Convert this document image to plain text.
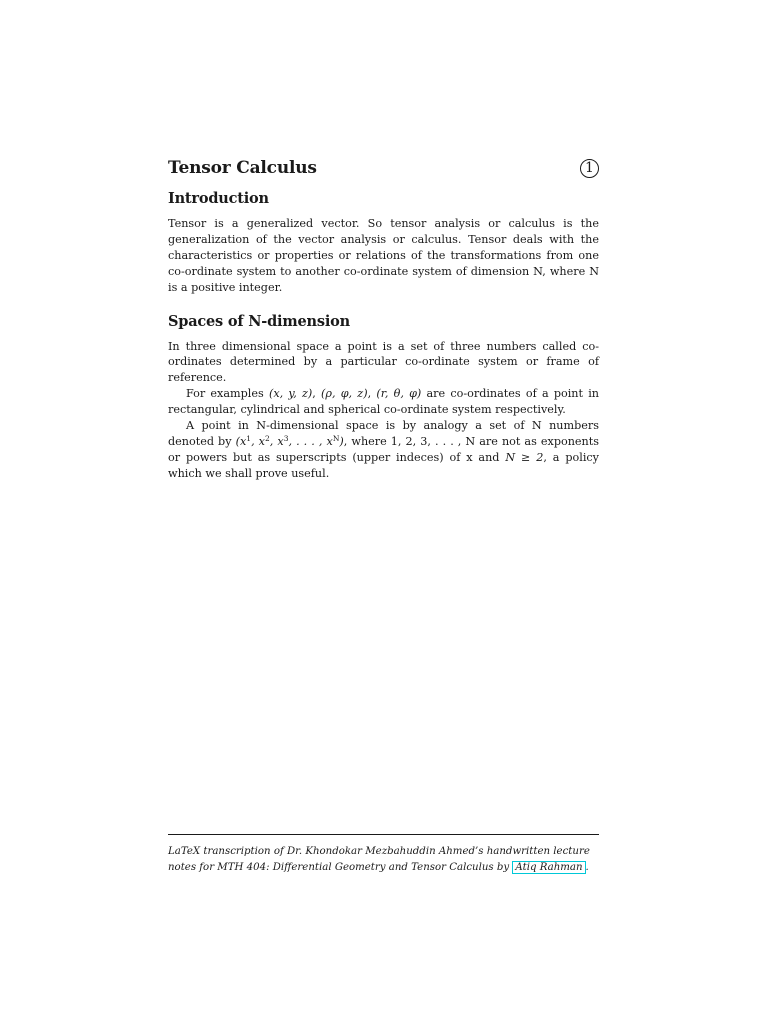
Tensor Calculus	1
Introduction

Tensor is a generalized vector. So tensor analysis or calculus is the generalization of the vector analysis or calculus. Tensor deals with the characteristics or properties or relations of the transformations from one co-ordinate system to another co-ordinate system of dimension N, where N is a positive integer.

Spaces of N-dimension

In three dimensional space a point is a set of three numbers called co-ordinates determined by a particular co-ordinate system or frame of reference.

For examples (x, y, z), (ρ, φ, z), (r, θ, φ) are co-ordinates of a point in rectangular, cylindrical and spherical co-ordinate system respectively.

A point in N-dimensional space is by analogy a set of N numbers denoted by ($x^1$, $x^2$, $x^3$, . . . , $x^N$), where 1, 2, 3, . . . , N are not as exponents or powers but as superscripts (upper indeces) of x and N ≥ 2, a policy which we shall prove useful.

LaTeX transcription of Dr. Khondokar Mezbahuddin Ahmed’s handwritten lecture notes for MTH 404: Differential Geometry and Tensor Calculus by Atiq Rahman .
